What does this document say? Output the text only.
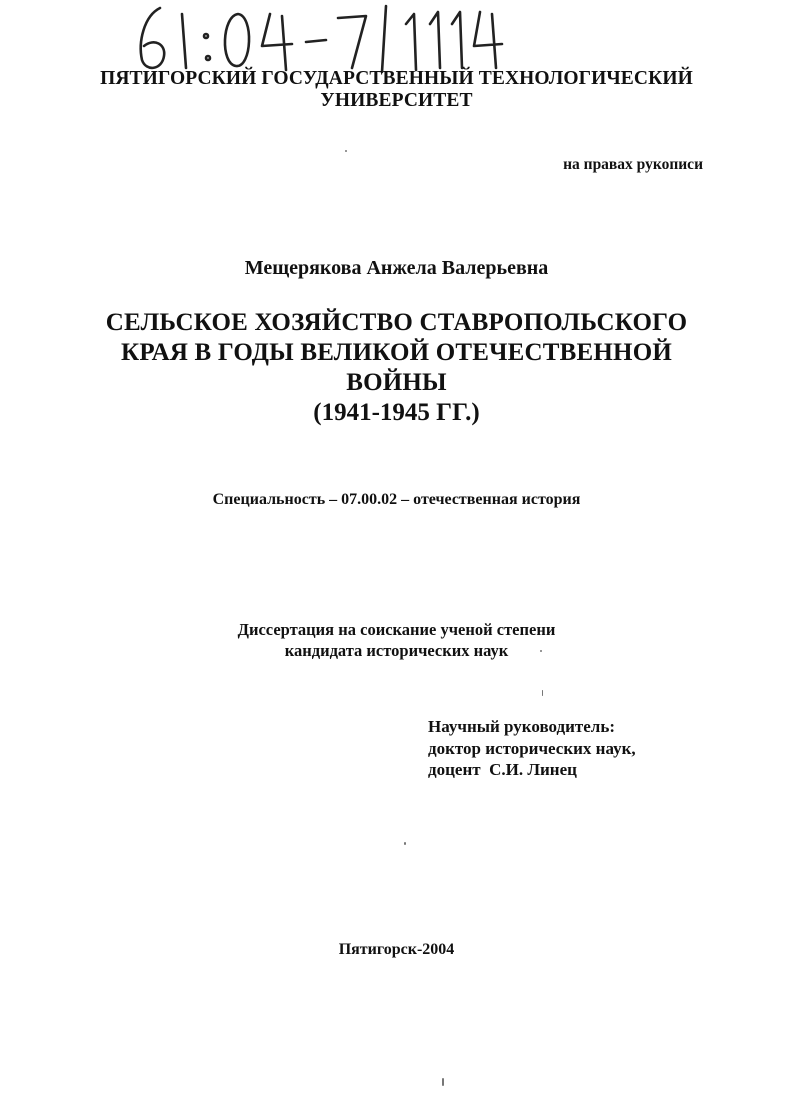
ПЯТИГОРСКИЙ ГОСУДАРСТВЕННЫЙ ТЕХНОЛОГИЧЕСКИЙ
УНИВЕРСИТЕТ
на правах рукописи
Мещерякова Анжела Валерьевна
СЕЛЬСКОЕ ХОЗЯЙСТВО СТАВРОПОЛЬСКОГО
КРАЯ В ГОДЫ ВЕЛИКОЙ ОТЕЧЕСТВЕННОЙ
ВОЙНЫ
(1941-1945 ГГ.)
Специальность – 07.00.02 – отечественная история
Диссертация на соискание ученой степени
кандидата исторических наук
Научный руководитель:
доктор исторических наук,
доцент  С.И. Линец
Пятигорск-2004
